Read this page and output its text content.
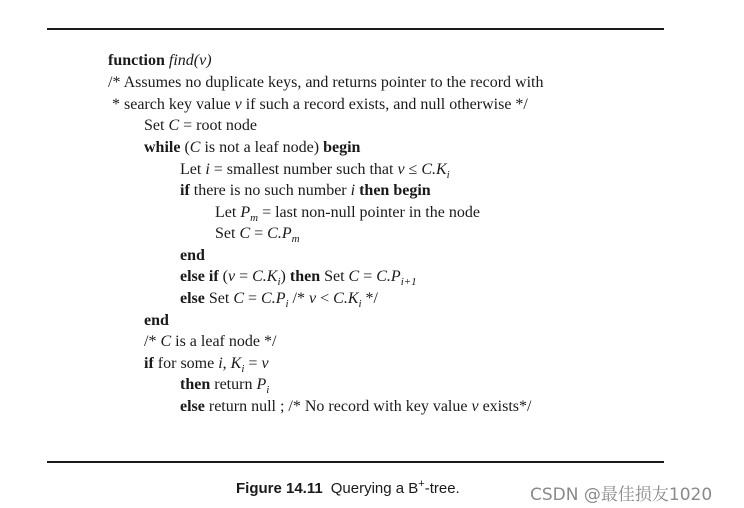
function find(v)
/* Assumes no duplicate keys, and returns pointer to the record with
* search key value v if such a record exists, and null otherwise */
Set C = root node
while (C is not a leaf node) begin
Let i = smallest number such that $v \le C.K_i$
if there is no such number i then begin
Let $P_m$ = last non-null pointer in the node
Set $C = C.P_m$
end
else if $(v = C.K_i)$ then Set $C = C.P_{i+1}$
else Set $C = C.P_i /* v < C.K_i$ */
end
/* C is a leaf node */
if for some i, $K_i = v$
then return $P_i$
else return null ; /* No record with key value v exists*/
Figure 14.11 Querying a B+-tree.	CSDN @最佳损友1020
